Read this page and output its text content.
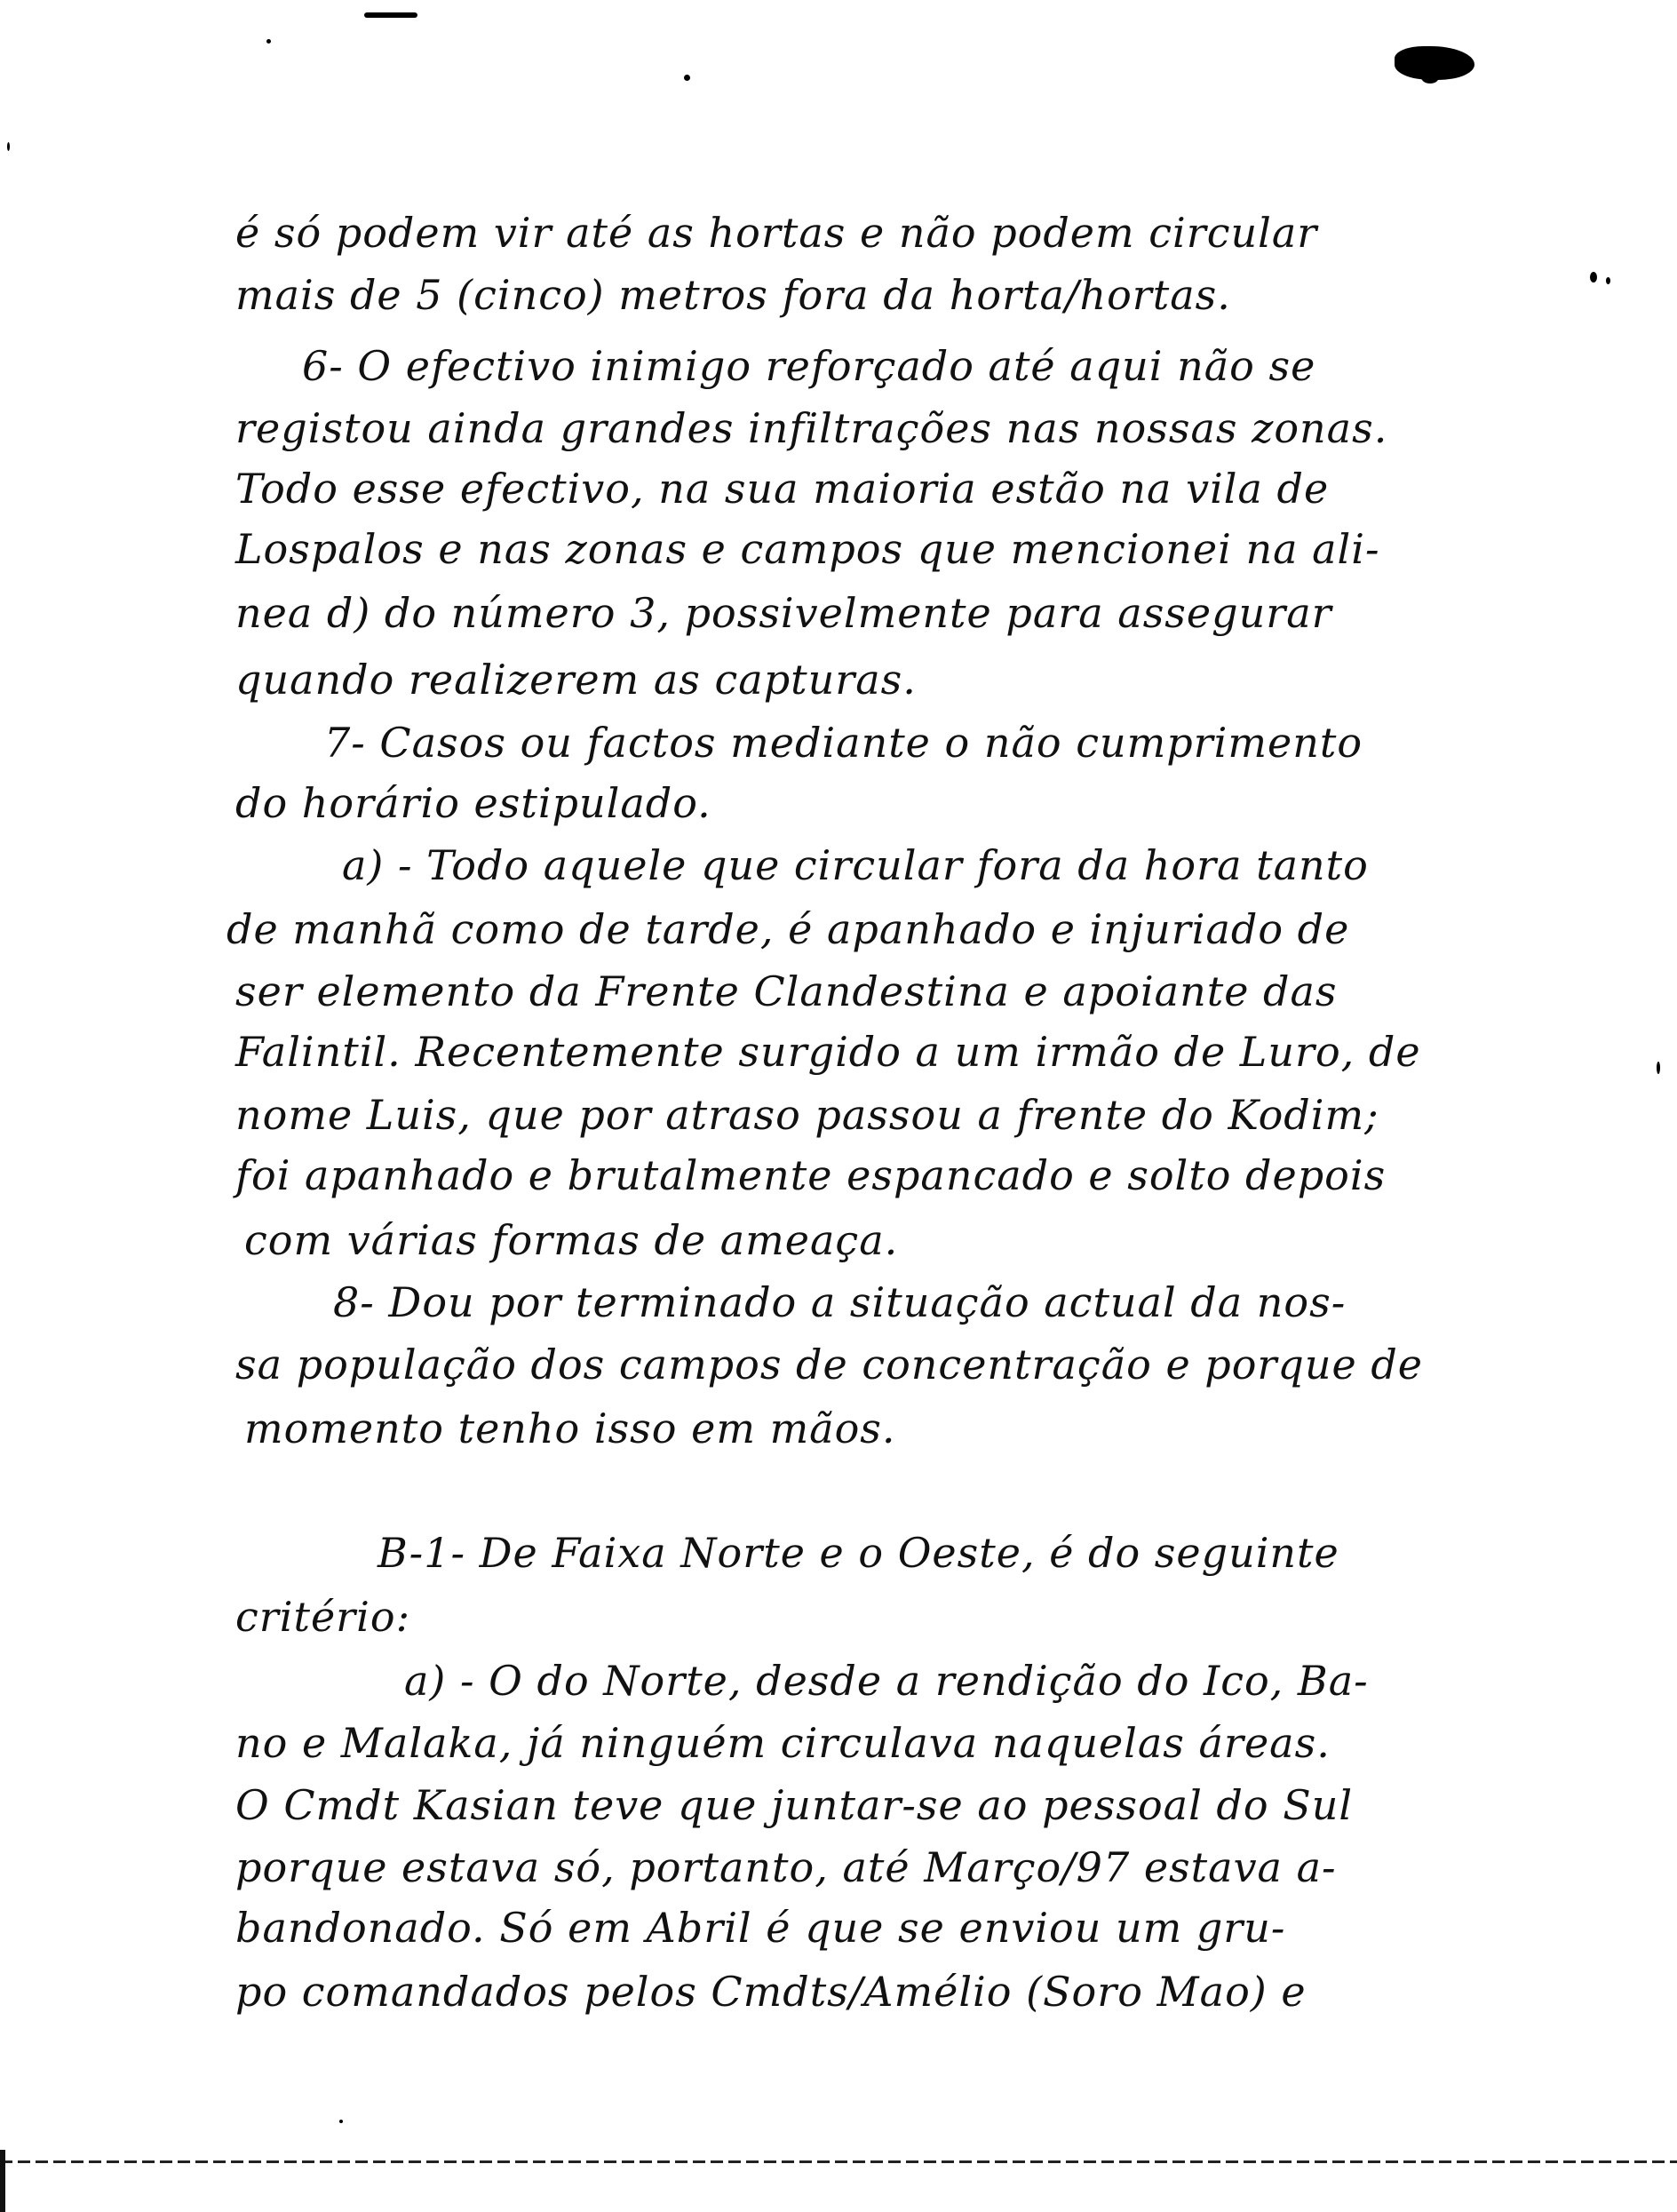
é só podem vir até as hortas e não podem circular
mais de 5 (cinco) metros fora da horta/hortas.
6- O efectivo inimigo reforçado até aqui não se
registou ainda grandes infiltrações nas nossas zonas.
Todo esse efectivo, na sua maioria estão na vila de
Lospalos e nas zonas e campos que mencionei na ali-
nea d) do número 3, possivelmente para assegurar
quando realizerem as capturas.
7- Casos ou factos mediante o não cumprimento
do horário estipulado.
a) - Todo aquele que circular fora da hora tanto
de manhã como de tarde, é apanhado e injuriado de
ser elemento da Frente Clandestina e apoiante das
Falintil. Recentemente surgido a um irmão de Luro, de
nome Luis, que por atraso passou a frente do Kodim;
foi apanhado e brutalmente espancado e solto depois
com várias formas de ameaça.
8- Dou por terminado a situação actual da nos-
sa população dos campos de concentração e porque de
momento tenho isso em mãos.
B-1- De Faixa Norte e o Oeste, é do seguinte
critério:
a) - O do Norte, desde a rendição do Ico, Ba-
no e Malaka, já ninguém circulava naquelas áreas.
O Cmdt Kasian teve que juntar-se ao pessoal do Sul
porque estava só, portanto, até Março/97 estava a-
bandonado. Só em Abril é que se enviou um gru-
po comandados pelos Cmdts/Amélio (Soro Mao) e
